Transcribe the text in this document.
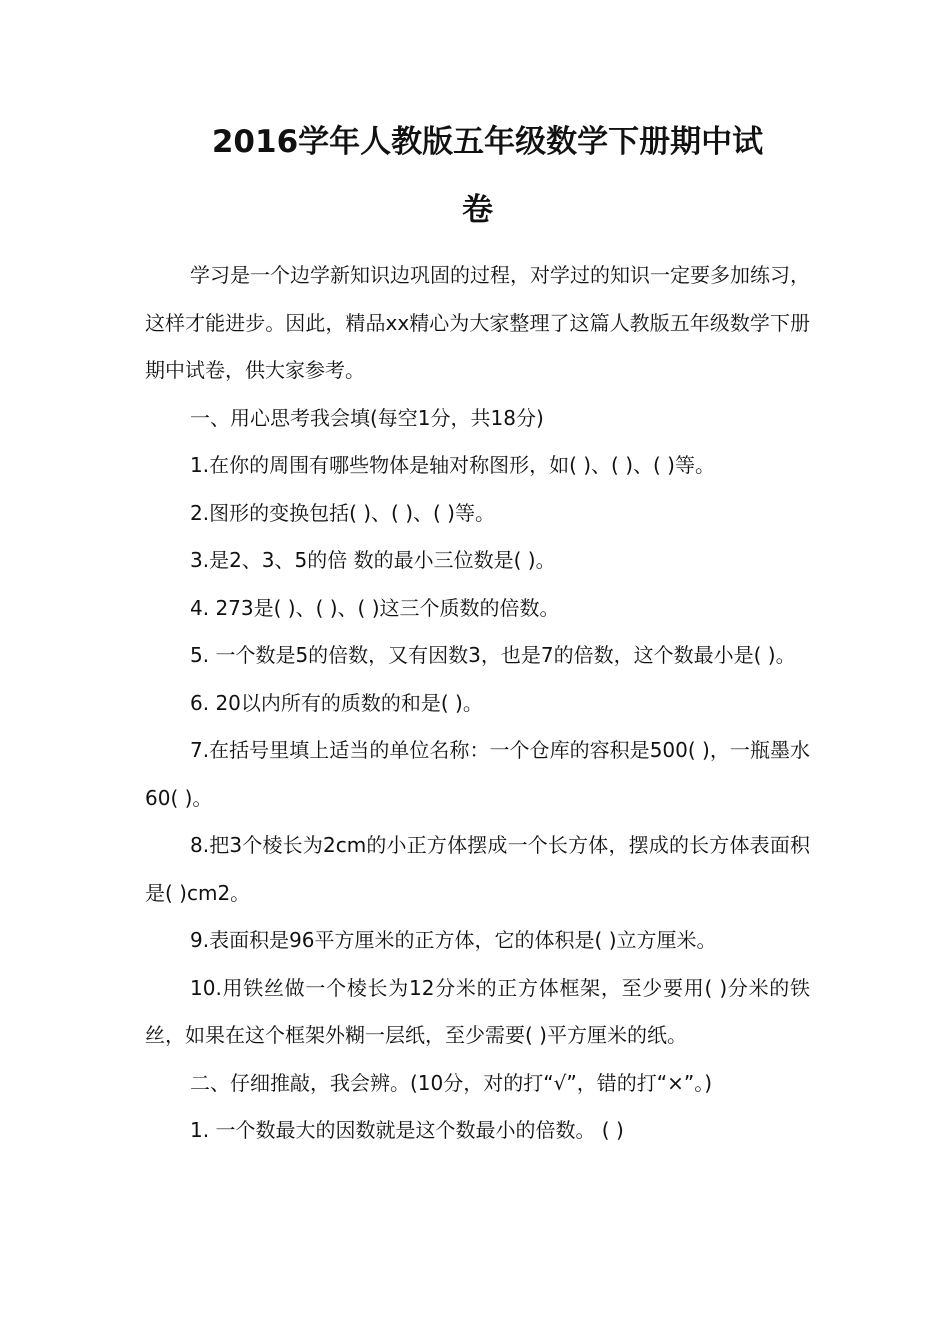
2016学年人教版五年级数学下册期中试
卷

学习是一个边学新知识边巩固的过程，对学过的知识一定要多加练习，这样才能进步。因此，精品xx精心为大家整理了这篇人教版五年级数学下册期中试卷，供大家参考。

一、用心思考我会填(每空1分，共18分)

1.在你的周围有哪些物体是轴对称图形，如( )、( )、( )等。

2.图形的变换包括( )、( )、( )等。

3.是2、3、5的倍 数的最小三位数是( )。

4. 273是( )、( )、( )这三个质数的倍数。

5. 一个数是5的倍数，又有因数3，也是7的倍数，这个数最小是( )。

6. 20以内所有的质数的和是( )。

7.在括号里填上适当的单位名称：一个仓库的容积是500( )，一瓶墨水60( )。

8.把3个棱长为2cm的小正方体摆成一个长方体，摆成的长方体表面积是( )cm2。

9.表面积是96平方厘米的正方体，它的体积是( )立方厘米。

10.用铁丝做一个棱长为12分米的正方体框架，至少要用( )分米的铁丝，如果在这个框架外糊一层纸，至少需要( )平方厘米的纸。

二、仔细推敲，我会辨。(10分，对的打“√”，错的打“×”。)

1. 一个数最大的因数就是这个数最小的倍数。 ( )
